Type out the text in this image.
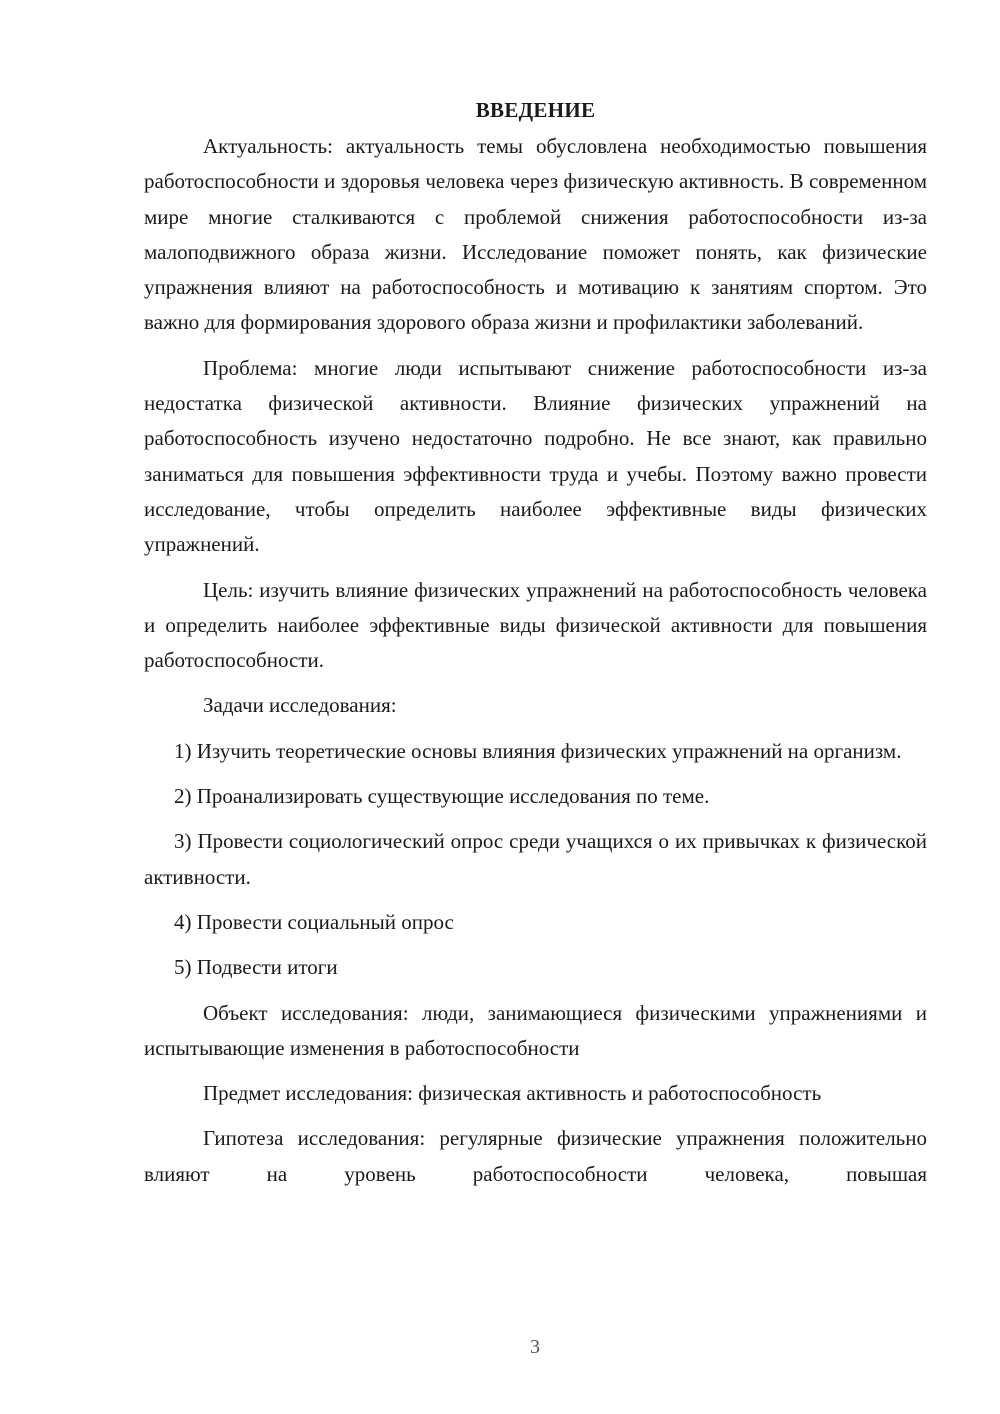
ВВЕДЕНИЕ

Актуальность: актуальность темы обусловлена необходимостью повышения работоспособности и здоровья человека через физическую активность. В современном мире многие сталкиваются с проблемой снижения работоспособности из-за малоподвижного образа жизни. Исследование поможет понять, как физические упражнения влияют на работоспособность и мотивацию к занятиям спортом. Это важно для формирования здорового образа жизни и профилактики заболеваний.

Проблема: многие люди испытывают снижение работоспособности из-за недостатка физической активности. Влияние физических упражнений на работоспособность изучено недостаточно подробно. Не все знают, как правильно заниматься для повышения эффективности труда и учебы. Поэтому важно провести исследование, чтобы определить наиболее эффективные виды физических упражнений.

Цель: изучить влияние физических упражнений на работоспособность человека и определить наиболее эффективные виды физической активности для повышения работоспособности.

Задачи исследования:

1) Изучить теоретические основы влияния физических упражнений на организм.

2) Проанализировать существующие исследования по теме.

3) Провести социологический опрос среди учащихся о их привычках к физической активности.

4) Провести социальный опрос

5) Подвести итоги

Объект исследования: люди, занимающиеся физическими упражнениями и испытывающие изменения в работоспособности

Предмет исследования: физическая активность и работоспособность

Гипотеза исследования: регулярные физические упражнения положительно влияют на уровень работоспособности человека, повышая

3
